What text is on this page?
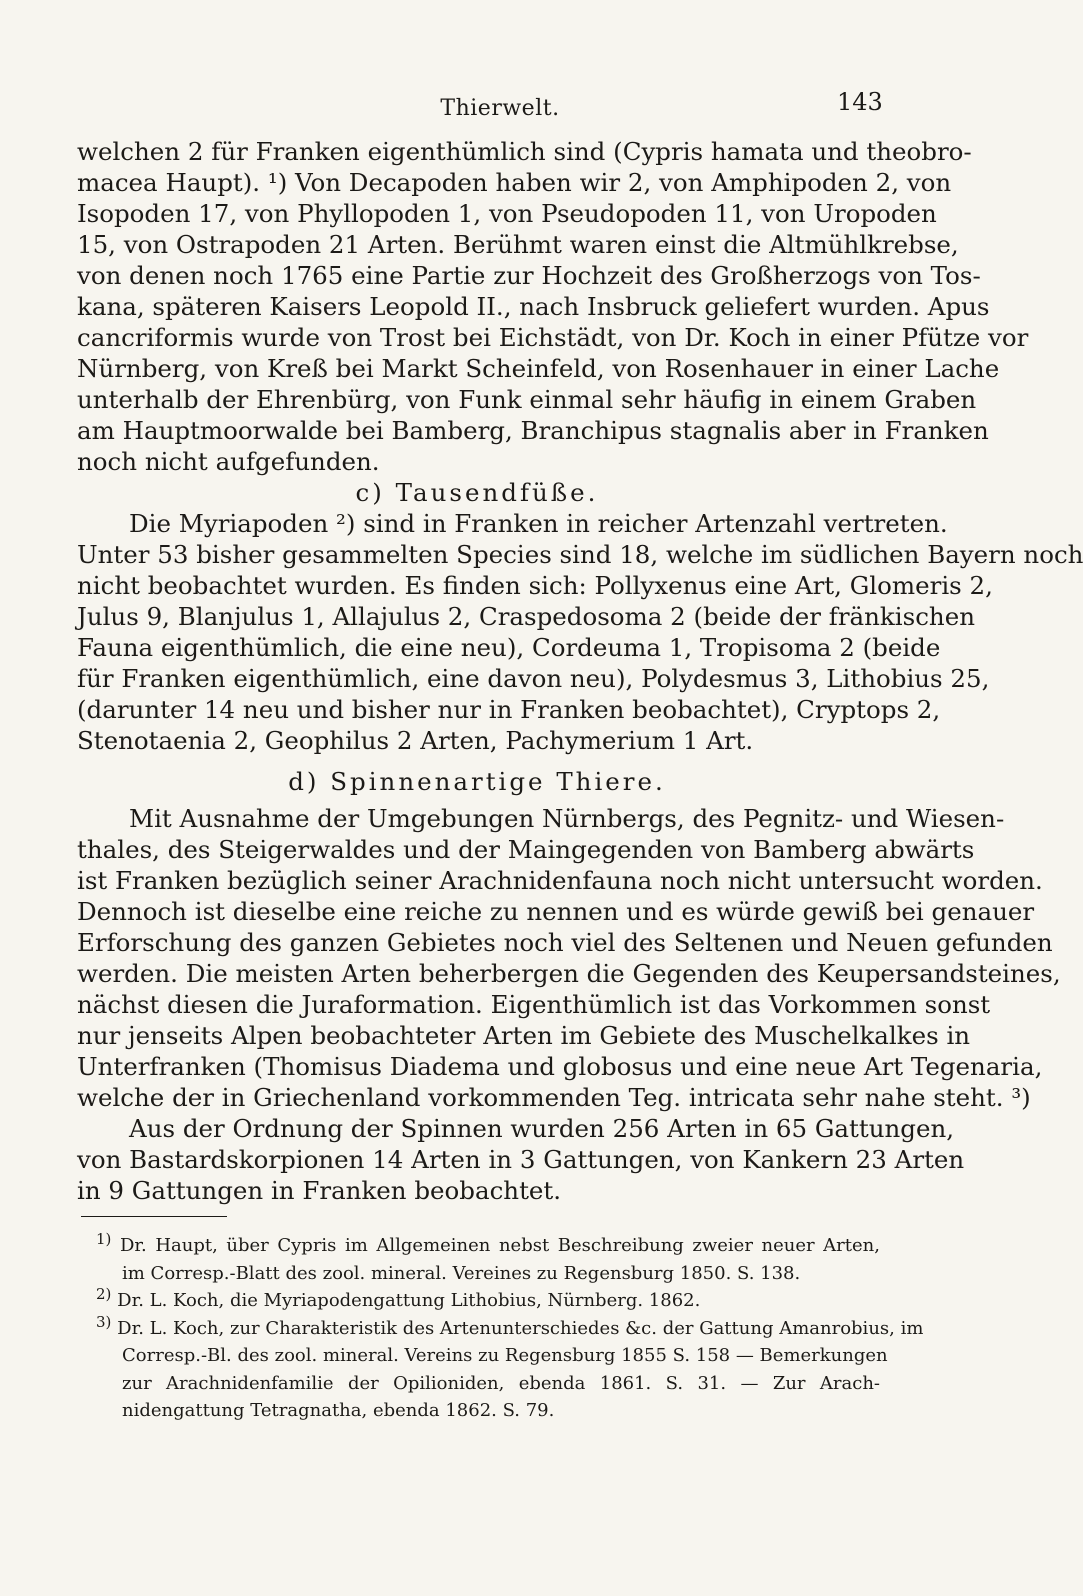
Thierwelt.	143
welchen 2 für Franken eigenthümlich sind (Cypris hamata und theobro-
macea Haupt). ¹) Von Decapoden haben wir 2, von Amphipoden 2, von
Isopoden 17, von Phyllopoden 1, von Pseudopoden 11, von Uropoden
15, von Ostrapoden 21 Arten. Berühmt waren einst die Altmühlkrebse,
von denen noch 1765 eine Partie zur Hochzeit des Großherzogs von Tos-
kana, späteren Kaisers Leopold II., nach Insbruck geliefert wurden. Apus
cancriformis wurde von Trost bei Eichstädt, von Dr. Koch in einer Pfütze vor
Nürnberg, von Kreß bei Markt Scheinfeld, von Rosenhauer in einer Lache
unterhalb der Ehrenbürg, von Funk einmal sehr häufig in einem Graben
am Hauptmoorwalde bei Bamberg, Branchipus stagnalis aber in Franken
noch nicht aufgefunden.
c) Tausendfüße.
Die Myriapoden ²) sind in Franken in reicher Artenzahl vertreten.
Unter 53 bisher gesammelten Species sind 18, welche im südlichen Bayern noch
nicht beobachtet wurden. Es finden sich: Pollyxenus eine Art, Glomeris 2,
Julus 9, Blanjulus 1, Allajulus 2, Craspedosoma 2 (beide der fränkischen
Fauna eigenthümlich, die eine neu), Cordeuma 1, Tropisoma 2 (beide
für Franken eigenthümlich, eine davon neu), Polydesmus 3, Lithobius 25,
(darunter 14 neu und bisher nur in Franken beobachtet), Cryptops 2,
Stenotaenia 2, Geophilus 2 Arten, Pachymerium 1 Art.
d) Spinnenartige Thiere.
Mit Ausnahme der Umgebungen Nürnbergs, des Pegnitz- und Wiesen-
thales, des Steigerwaldes und der Maingegenden von Bamberg abwärts
ist Franken bezüglich seiner Arachnidenfauna noch nicht untersucht worden.
Dennoch ist dieselbe eine reiche zu nennen und es würde gewiß bei genauer
Erforschung des ganzen Gebietes noch viel des Seltenen und Neuen gefunden
werden. Die meisten Arten beherbergen die Gegenden des Keupersandsteines,
nächst diesen die Juraformation. Eigenthümlich ist das Vorkommen sonst
nur jenseits Alpen beobachteter Arten im Gebiete des Muschelkalkes in
Unterfranken (Thomisus Diadema und globosus und eine neue Art Tegenaria,
welche der in Griechenland vorkommenden Teg. intricata sehr nahe steht. ³)
Aus der Ordnung der Spinnen wurden 256 Arten in 65 Gattungen,
von Bastardskorpionen 14 Arten in 3 Gattungen, von Kankern 23 Arten
in 9 Gattungen in Franken beobachtet.
$^{1)}$ Dr. Haupt, über Cypris im Allgemeinen nebst Beschreibung zweier neuer Arten,
im Corresp.-Blatt des zool. mineral. Vereines zu Regensburg 1850. S. 138.
$^{2)}$ Dr. L. Koch, die Myriapodengattung Lithobius, Nürnberg. 1862.
$^{3)}$ Dr. L. Koch, zur Charakteristik des Artenunterschiedes &c. der Gattung Amanrobius, im
Corresp.-Bl. des zool. mineral. Vereins zu Regensburg 1855 S. 158 — Bemerkungen
zur Arachnidenfamilie der Opilioniden, ebenda 1861. S. 31. — Zur Arach-
nidengattung Tetragnatha, ebenda 1862. S. 79.
